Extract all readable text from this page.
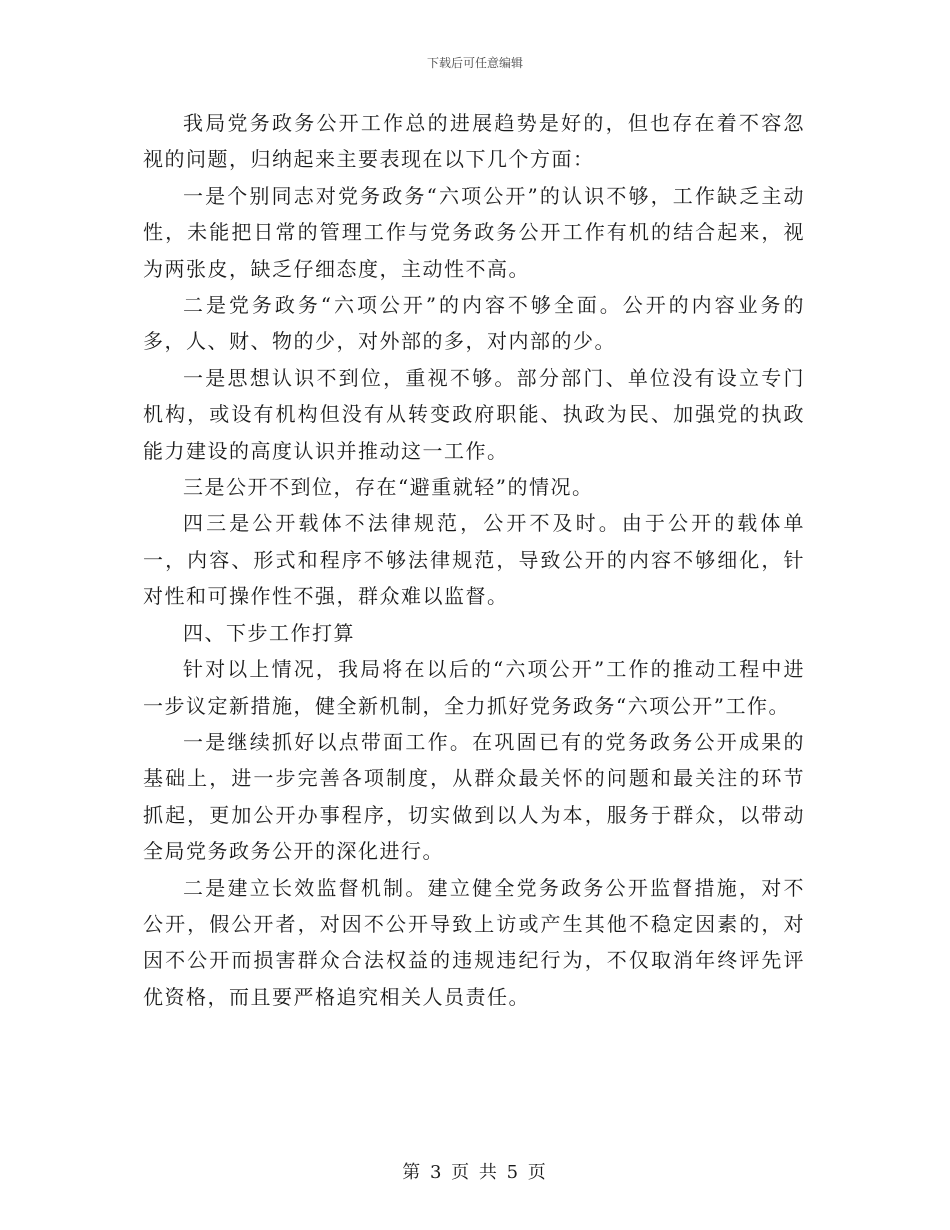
下载后可任意编辑

我局党务政务公开工作总的进展趋势是好的，但也存在着不容忽视的问题，归纳起来主要表现在以下几个方面：

一是个别同志对党务政务“六项公开”的认识不够，工作缺乏主动性，未能把日常的管理工作与党务政务公开工作有机的结合起来，视为两张皮，缺乏仔细态度，主动性不高。

二是党务政务“六项公开”的内容不够全面。公开的内容业务的多，人、财、物的少，对外部的多，对内部的少。

一是思想认识不到位，重视不够。部分部门、单位没有设立专门机构，或设有机构但没有从转变政府职能、执政为民、加强党的执政能力建设的高度认识并推动这一工作。

三是公开不到位，存在“避重就轻”的情况。

四三是公开载体不法律规范，公开不及时。由于公开的载体单一，内容、形式和程序不够法律规范，导致公开的内容不够细化，针对性和可操作性不强，群众难以监督。

四、下步工作打算

针对以上情况，我局将在以后的“六项公开”工作的推动工程中进一步议定新措施，健全新机制，全力抓好党务政务“六项公开”工作。

一是继续抓好以点带面工作。在巩固已有的党务政务公开成果的基础上，进一步完善各项制度，从群众最关怀的问题和最关注的环节抓起，更加公开办事程序，切实做到以人为本，服务于群众，以带动全局党务政务公开的深化进行。

二是建立长效监督机制。建立健全党务政务公开监督措施，对不公开，假公开者，对因不公开导致上访或产生其他不稳定因素的，对因不公开而损害群众合法权益的违规违纪行为，不仅取消年终评先评优资格，而且要严格追究相关人员责任。

第 3 页 共 5 页
